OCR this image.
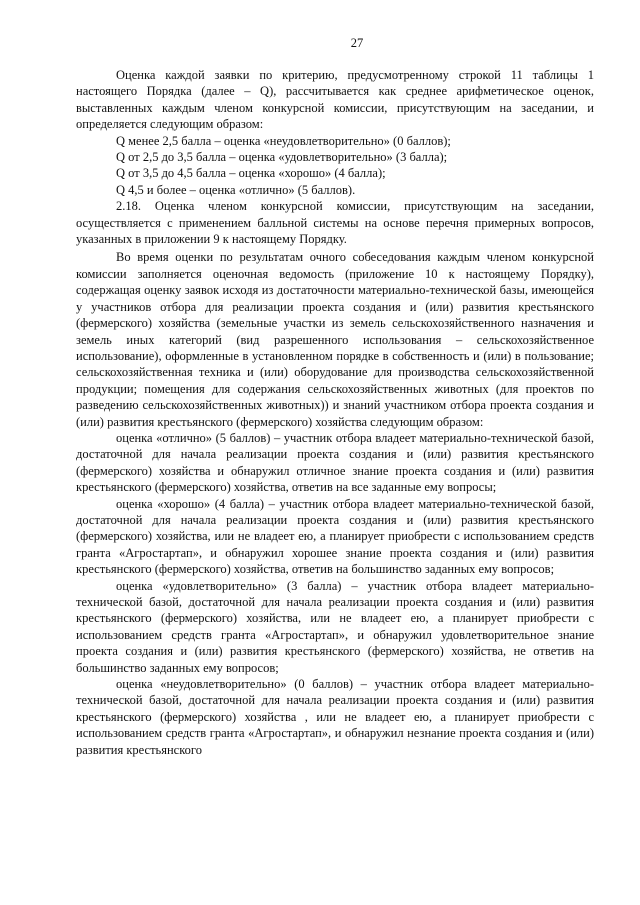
27

Оценка каждой заявки по критерию, предусмотренному строкой 11 таблицы 1 настоящего Порядка (далее – Q), рассчитывается как среднее арифметическое оценок, выставленных каждым членом конкурсной комиссии, присутствующим на заседании, и определяется следующим образом:

Q менее 2,5 балла – оценка «неудовлетворительно» (0 баллов);

Q от 2,5 до 3,5 балла – оценка «удовлетворительно» (3 балла);

Q от 3,5 до 4,5 балла – оценка «хорошо» (4 балла);

Q 4,5 и более – оценка «отлично» (5 баллов).

2.18. Оценка членом конкурсной комиссии, присутствующим на заседании, осуществляется с применением балльной системы на основе перечня примерных вопросов, указанных в приложении 9 к настоящему Порядку.

Во время оценки по результатам очного собеседования каждым членом конкурсной комиссии заполняется оценочная ведомость (приложение 10 к настоящему Порядку), содержащая оценку заявок исходя из достаточности материально-технической базы, имеющейся у участников отбора для реализации проекта создания и (или) развития крестьянского (фермерского) хозяйства (земельные участки из земель сельскохозяйственного назначения и земель иных категорий (вид разрешенного использования – сельскохозяйственное использование), оформленные в установленном порядке в собственность и (или) в пользование; сельскохозяйственная техника и (или) оборудование для производства сельскохозяйственной продукции; помещения для содержания сельскохозяйственных животных (для проектов по разведению сельскохозяйственных животных)) и знаний участником отбора проекта создания и (или) развития крестьянского (фермерского) хозяйства следующим образом:

оценка «отлично» (5 баллов) – участник отбора владеет материально-технической базой, достаточной для начала реализации проекта создания и (или) развития крестьянского (фермерского) хозяйства и обнаружил отличное знание проекта создания и (или) развития крестьянского (фермерского) хозяйства, ответив на все заданные ему вопросы;

оценка «хорошо» (4 балла) – участник отбора владеет материально-технической базой, достаточной для начала реализации проекта создания и (или) развития крестьянского (фермерского) хозяйства, или не владеет ею, а планирует приобрести с использованием средств гранта «Агростартап», и обнаружил хорошее знание проекта создания и (или) развития крестьянского (фермерского) хозяйства, ответив на большинство заданных ему вопросов;

оценка «удовлетворительно» (3 балла) – участник отбора владеет материально-технической базой, достаточной для начала реализации проекта создания и (или) развития крестьянского (фермерского) хозяйства, или не владеет ею, а планирует приобрести с использованием средств гранта «Агростартап», и обнаружил удовлетворительное знание проекта создания и (или) развития крестьянского (фермерского) хозяйства, не ответив на большинство заданных ему вопросов;

оценка «неудовлетворительно» (0 баллов) – участник отбора владеет материально-технической базой, достаточной для начала реализации проекта создания и (или) развития крестьянского (фермерского) хозяйства , или не владеет ею, а планирует приобрести с использованием средств гранта «Агростартап», и обнаружил незнание проекта создания и (или) развития крестьянского
